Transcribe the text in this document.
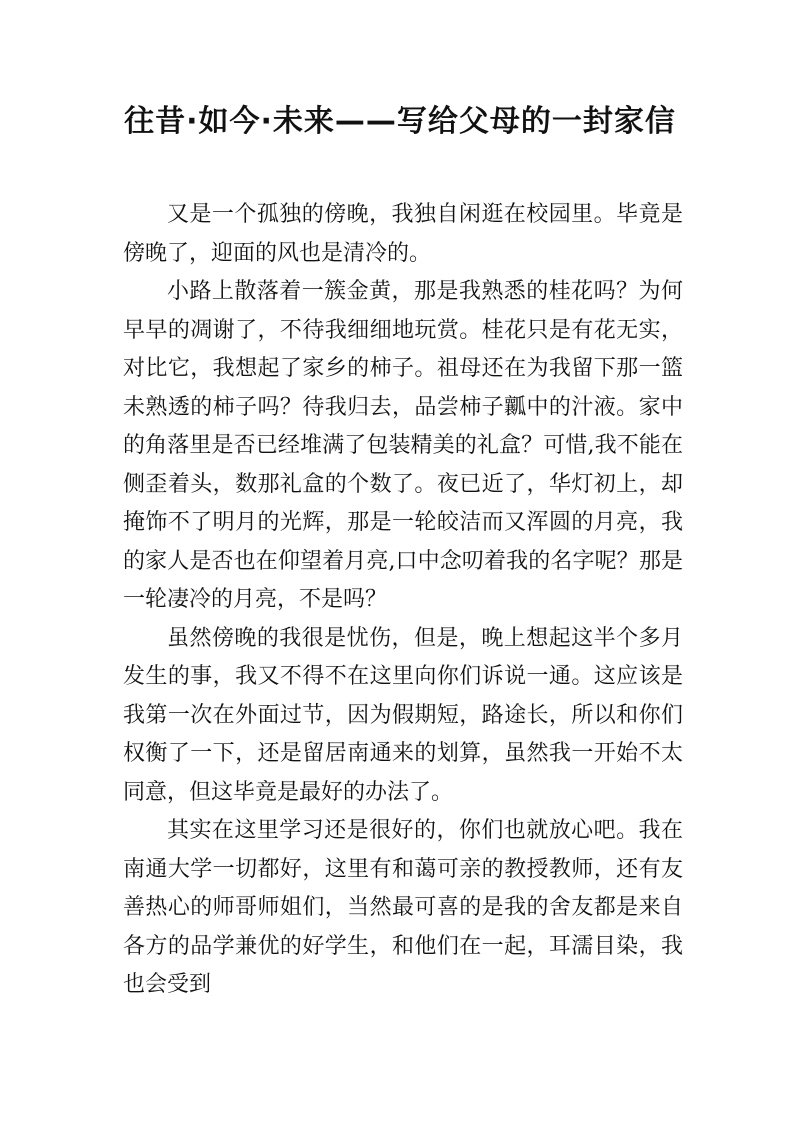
往昔·如今·未来——写给父母的一封家信

又是一个孤独的傍晚，我独自闲逛在校园里。毕竟是傍晚了，迎面的风也是清冷的。

小路上散落着一簇金黄，那是我熟悉的桂花吗？为何早早的凋谢了，不待我细细地玩赏。桂花只是有花无实，对比它，我想起了家乡的柿子。祖母还在为我留下那一篮未熟透的柿子吗？待我归去，品尝柿子瓤中的汁液。家中的角落里是否已经堆满了包装精美的礼盒？可惜,我不能在侧歪着头，数那礼盒的个数了。夜已近了，华灯初上，却掩饰不了明月的光辉，那是一轮皎洁而又浑圆的月亮，我的家人是否也在仰望着月亮,口中念叨着我的名字呢？那是一轮凄冷的月亮，不是吗？

虽然傍晚的我很是忧伤，但是，晚上想起这半个多月发生的事，我又不得不在这里向你们诉说一通。这应该是我第一次在外面过节，因为假期短，路途长，所以和你们权衡了一下，还是留居南通来的划算，虽然我一开始不太同意，但这毕竟是最好的办法了。

其实在这里学习还是很好的，你们也就放心吧。我在南通大学一切都好，这里有和蔼可亲的教授教师，还有友善热心的师哥师姐们，当然最可喜的是我的舍友都是来自各方的品学兼优的好学生，和他们在一起，耳濡目染，我也会受到
